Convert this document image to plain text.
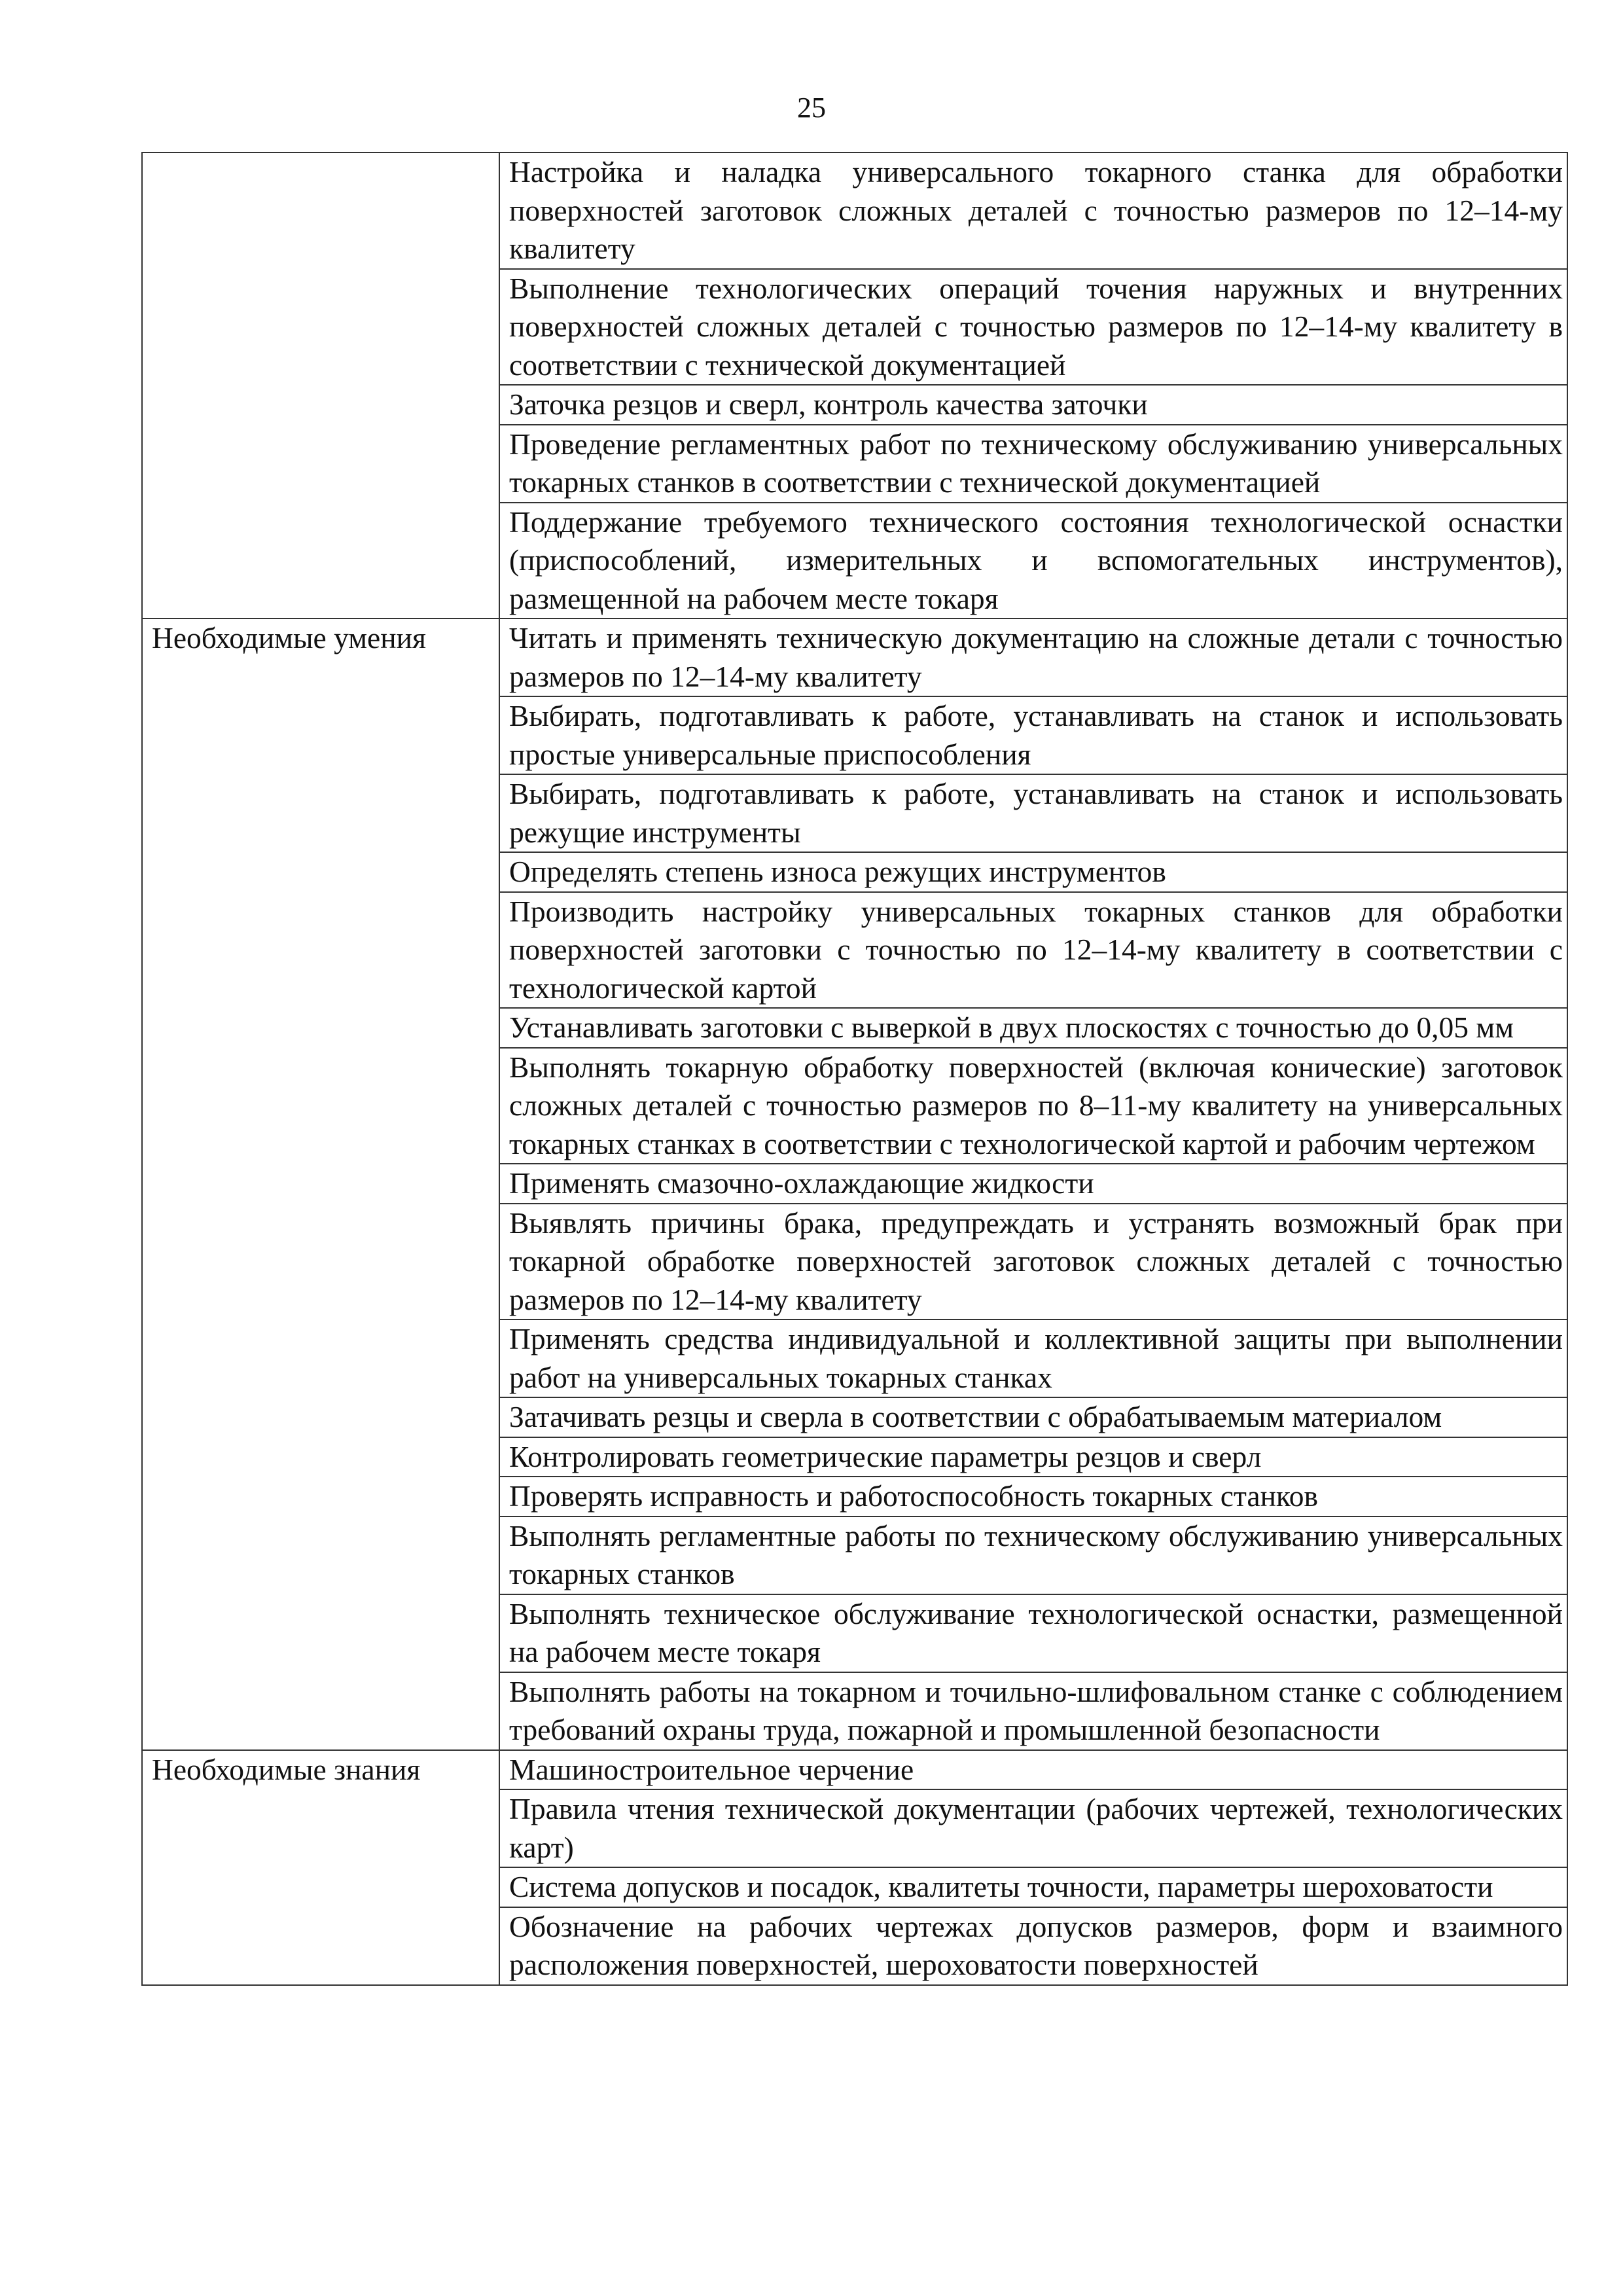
25
	Настройка и наладка универсального токарного станка для обработки поверхностей заготовок сложных деталей с точностью размеров по 12–14-му квалитету
	Выполнение технологических операций точения наружных и внутренних поверхностей сложных деталей с точностью размеров по 12–14-му квалитету в соответствии с технической документацией
	Заточка резцов и сверл, контроль качества заточки
	Проведение регламентных работ по техническому обслуживанию универсальных токарных станков в соответствии с технической документацией
	Поддержание требуемого технического состояния технологической оснастки (приспособлений, измерительных и вспомогательных инструментов), размещенной на рабочем месте токаря
Необходимые умения	Читать и применять техническую документацию на сложные детали с точностью размеров по 12–14-му квалитету
	Выбирать, подготавливать к работе, устанавливать на станок и использовать простые универсальные приспособления
	Выбирать, подготавливать к работе, устанавливать на станок и использовать режущие инструменты
	Определять степень износа режущих инструментов
	Производить настройку универсальных токарных станков для обработки поверхностей заготовки с точностью по 12–14-му квалитету в соответствии с технологической картой
	Устанавливать заготовки с выверкой в двух плоскостях с точностью до 0,05 мм
	Выполнять токарную обработку поверхностей (включая конические) заготовок сложных деталей с точностью размеров по 8–11-му квалитету на универсальных токарных станках в соответствии с технологической картой и рабочим чертежом
	Применять смазочно-охлаждающие жидкости
	Выявлять причины брака, предупреждать и устранять возможный брак при токарной обработке поверхностей заготовок сложных деталей с точностью размеров по 12–14-му квалитету
	Применять средства индивидуальной и коллективной защиты при выполнении работ на универсальных токарных станках
	Затачивать резцы и сверла в соответствии с обрабатываемым материалом
	Контролировать геометрические параметры резцов и сверл
	Проверять исправность и работоспособность токарных станков
	Выполнять регламентные работы по техническому обслуживанию универсальных токарных станков
	Выполнять техническое обслуживание технологической оснастки, размещенной на рабочем месте токаря
	Выполнять работы на токарном и точильно-шлифовальном станке с соблюдением требований охраны труда, пожарной и промышленной безопасности
Необходимые знания	Машиностроительное черчение
	Правила чтения технической документации (рабочих чертежей, технологических карт)
	Система допусков и посадок, квалитеты точности, параметры шероховатости
	Обозначение на рабочих чертежах допусков размеров, форм и взаимного расположения поверхностей, шероховатости поверхностей
